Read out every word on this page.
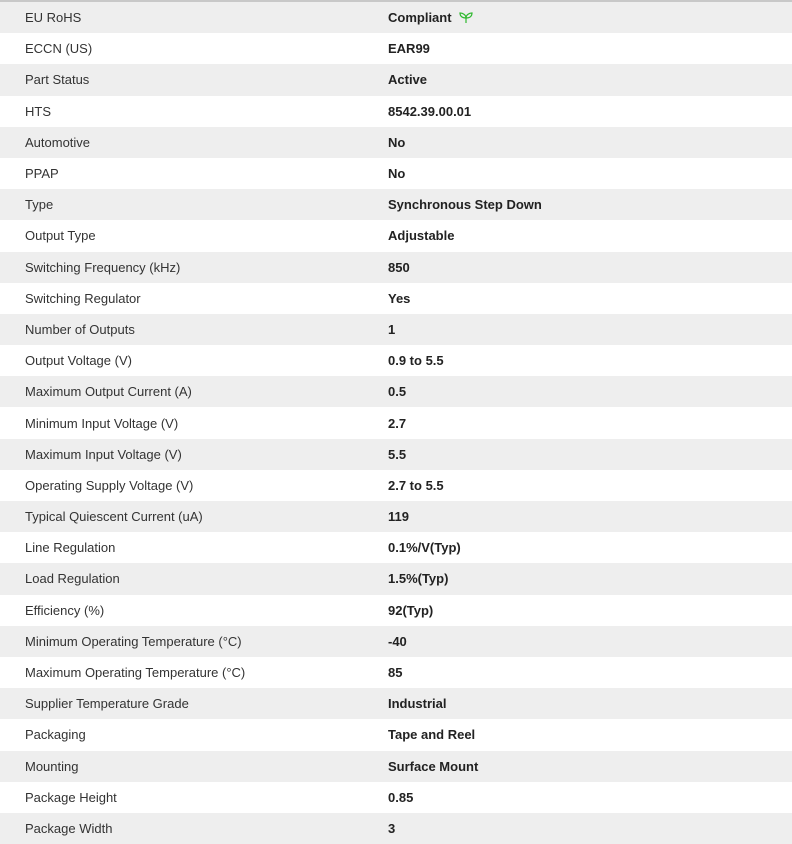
EU RoHS	Compliant
ECCN (US)	EAR99
Part Status	Active
HTS	8542.39.00.01
Automotive	No
PPAP	No
Type	Synchronous Step Down
Output Type	Adjustable
Switching Frequency (kHz)	850
Switching Regulator	Yes
Number of Outputs	1
Output Voltage (V)	0.9 to 5.5
Maximum Output Current (A)	0.5
Minimum Input Voltage (V)	2.7
Maximum Input Voltage (V)	5.5
Operating Supply Voltage (V)	2.7 to 5.5
Typical Quiescent Current (uA)	119
Line Regulation	0.1%/V(Typ)
Load Regulation	1.5%(Typ)
Efficiency (%)	92(Typ)
Minimum Operating Temperature (°C)	-40
Maximum Operating Temperature (°C)	85
Supplier Temperature Grade	Industrial
Packaging	Tape and Reel
Mounting	Surface Mount
Package Height	0.85
Package Width	3
